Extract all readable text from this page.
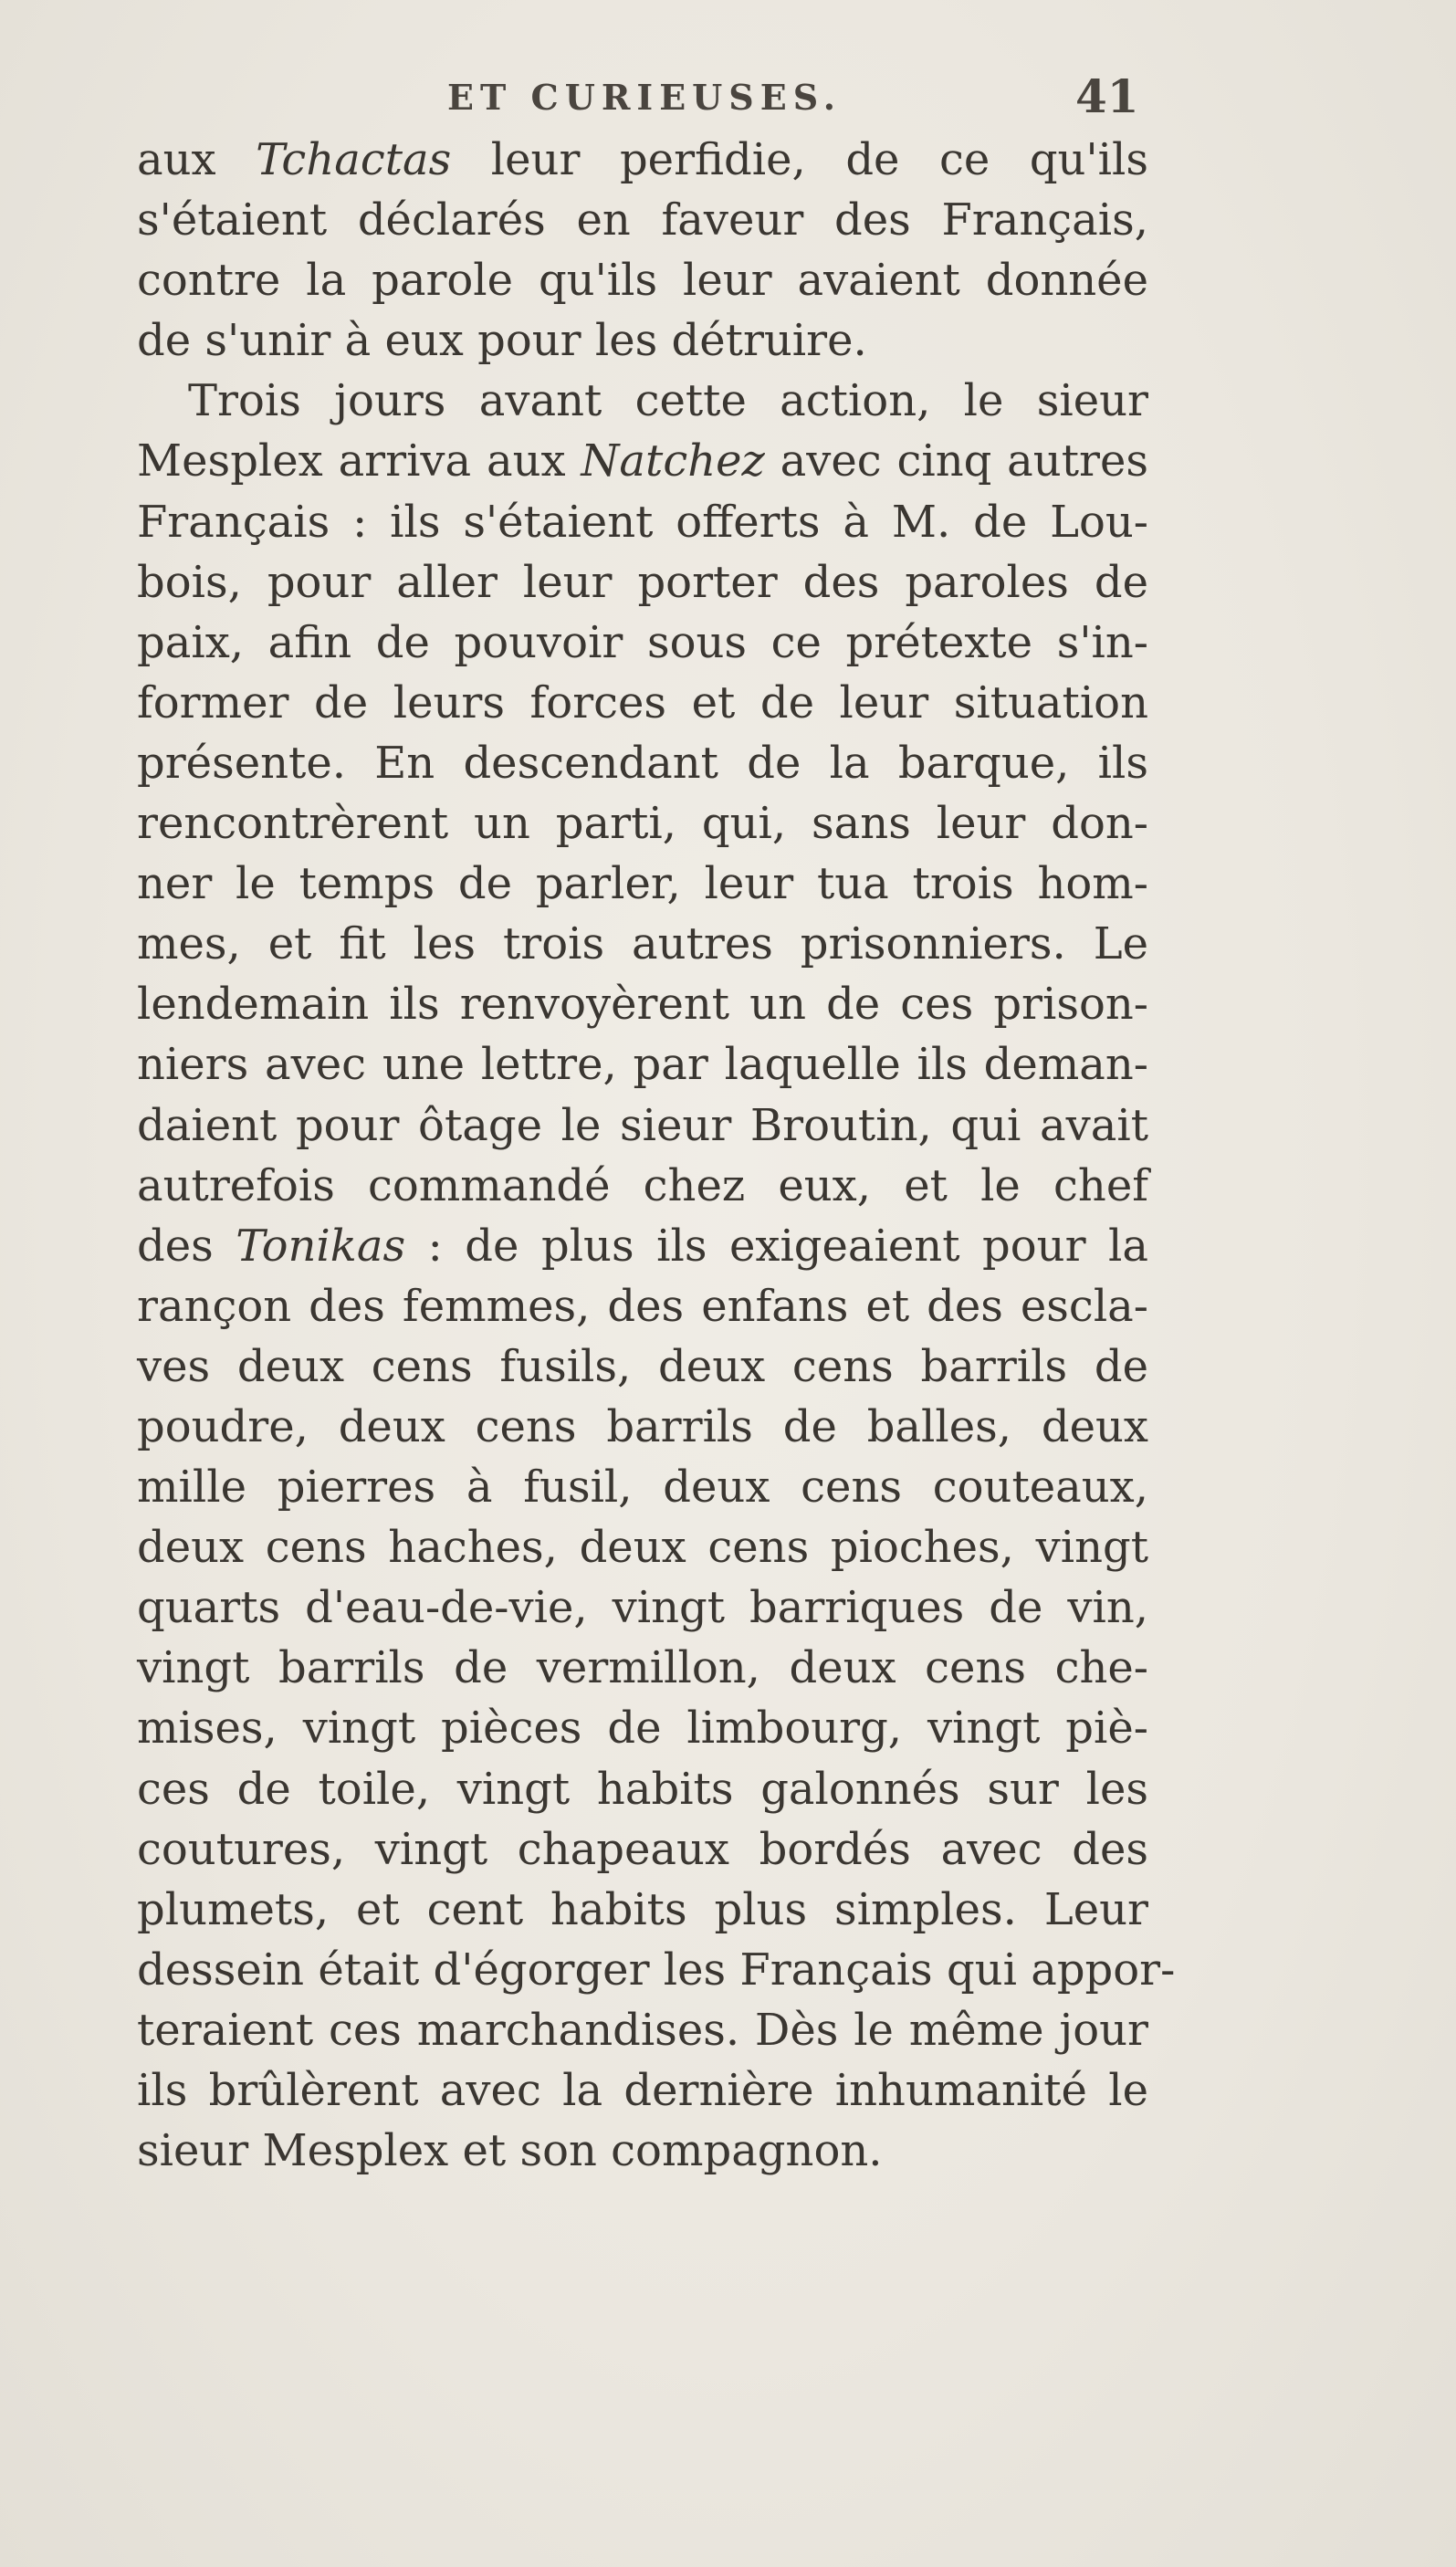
ET CURIEUSES.	41
aux Tchactas leur perfidie, de ce qu'ils
s'étaient déclarés en faveur des Français,
contre la parole qu'ils leur avaient donnée
de s'unir à eux pour les détruire.
Trois jours avant cette action, le sieur
Mesplex arriva aux Natchez avec cinq autres
Français : ils s'étaient offerts à M. de Lou-
bois, pour aller leur porter des paroles de
paix, afin de pouvoir sous ce prétexte s'in-
former de leurs forces et de leur situation
présente. En descendant de la barque, ils
rencontrèrent un parti, qui, sans leur don-
ner le temps de parler, leur tua trois hom-
mes, et fit les trois autres prisonniers. Le
lendemain ils renvoyèrent un de ces prison-
niers avec une lettre, par laquelle ils deman-
daient pour ôtage le sieur Broutin, qui avait
autrefois commandé chez eux, et le chef
des Tonikas : de plus ils exigeaient pour la
rançon des femmes, des enfans et des escla-
ves deux cens fusils, deux cens barrils de
poudre, deux cens barrils de balles, deux
mille pierres à fusil, deux cens couteaux,
deux cens haches, deux cens pioches, vingt
quarts d'eau-de-vie, vingt barriques de vin,
vingt barrils de vermillon, deux cens che-
mises, vingt pièces de limbourg, vingt piè-
ces de toile, vingt habits galonnés sur les
coutures, vingt chapeaux bordés avec des
plumets, et cent habits plus simples. Leur
dessein était d'égorger les Français qui appor-
teraient ces marchandises. Dès le même jour
ils brûlèrent avec la dernière inhumanité le
sieur Mesplex et son compagnon.
